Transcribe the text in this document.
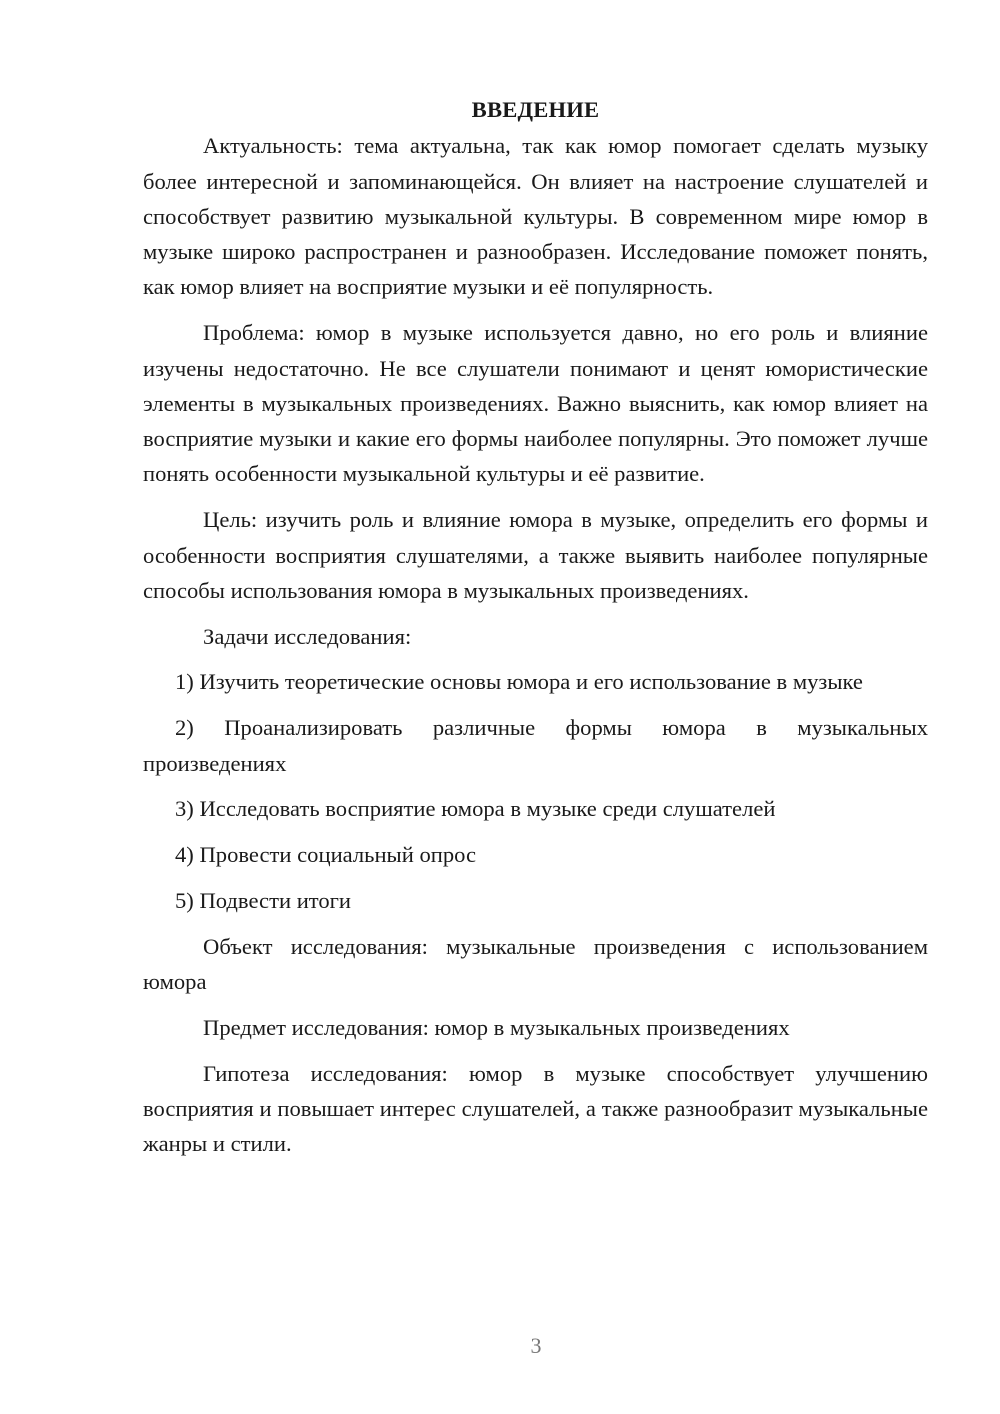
ВВЕДЕНИЕ

Актуальность: тема актуальна, так как юмор помогает сделать музыку более интересной и запоминающейся. Он влияет на настроение слушателей и способствует развитию музыкальной культуры. В современном мире юмор в музыке широко распространен и разнообразен. Исследование поможет понять, как юмор влияет на восприятие музыки и её популярность.

Проблема: юмор в музыке используется давно, но его роль и влияние изучены недостаточно. Не все слушатели понимают и ценят юмористические элементы в музыкальных произведениях. Важно выяснить, как юмор влияет на восприятие музыки и какие его формы наиболее популярны. Это поможет лучше понять особенности музыкальной культуры и её развитие.

Цель: изучить роль и влияние юмора в музыке, определить его формы и особенности восприятия слушателями, а также выявить наиболее популярные способы использования юмора в музыкальных произведениях.

Задачи исследования:

1) Изучить теоретические основы юмора и его использование в музыке

2) Проанализировать различные формы юмора в музыкальных произведениях

3) Исследовать восприятие юмора в музыке среди слушателей

4) Провести социальный опрос

5) Подвести итоги

Объект исследования: музыкальные произведения с использованием юмора

Предмет исследования: юмор в музыкальных произведениях

Гипотеза исследования: юмор в музыке способствует улучшению восприятия и повышает интерес слушателей, а также разнообразит музыкальные жанры и стили.

3
